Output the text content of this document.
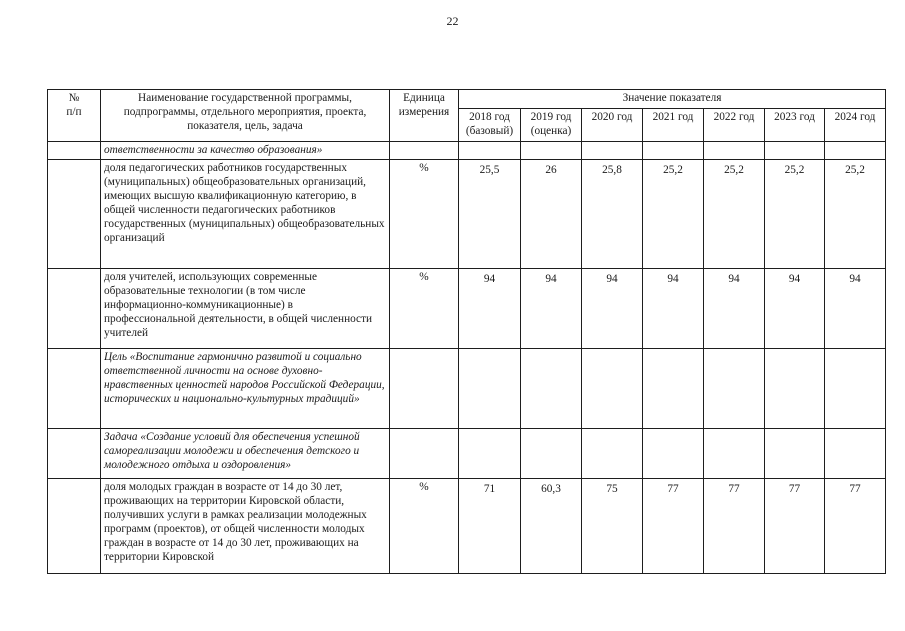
22
№
п/п	Наименование государственной программы, подпрограммы, отдельного мероприятия, проекта, показателя, цель, задача	Единица измерения	Значение показателя						
			2018 год (базовый)	2019 год (оценка)	2020 год	2021 год	2022 год	2023 год	2024 год
	ответственности за качество образования»								
	доля педагогических работников государственных (муниципальных) общеобразовательных организаций, имеющих высшую квалификационную категорию, в общей численности педагогических работников государственных (муниципальных) общеобразовательных организаций	%	25,5	26	25,8	25,2	25,2	25,2	25,2
	доля учителей, использующих современные образовательные технологии (в том числе информационно-коммуникационные) в профессиональной деятельности, в общей численности учителей	%	94	94	94	94	94	94	94
	Цель «Воспитание гармонично развитой и социально ответственной личности на основе духовно-нравственных ценностей народов Российской Федерации, исторических и национально-культурных традиций»								
	Задача «Создание условий для обеспечения успешной самореализации молодежи и обеспечения детского и молодежного отдыха и оздоровления»								
	доля молодых граждан в возрасте от 14 до 30 лет, проживающих на территории Кировской области, получивших услуги в рамках реализации молодежных программ (проектов), от общей численности молодых граждан в возрасте от 14 до 30 лет, проживающих на территории Кировской	%	71	60,3	75	77	77	77	77
